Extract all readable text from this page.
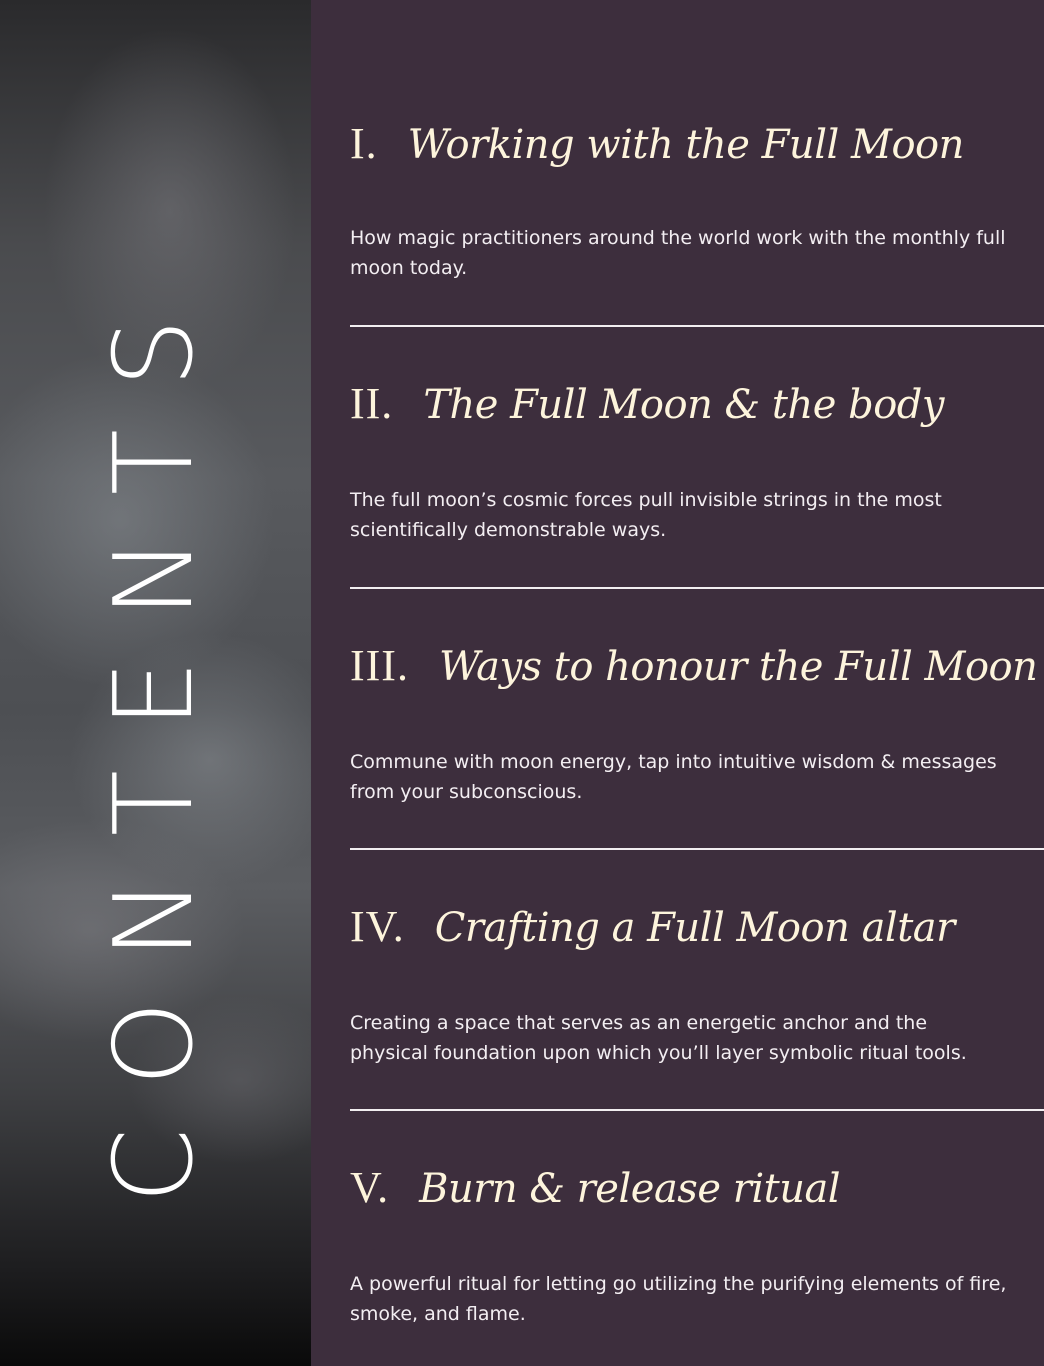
CONTENTS
I. Working with the Full Moon
How magic practitioners around the world work with the monthly full moon today.
II. The Full Moon & the body
The full moon’s cosmic forces pull invisible strings in the most scientifically demonstrable ways.
III. Ways to honour the Full Moon
Commune with moon energy, tap into intuitive wisdom & messages from your subconscious.
IV. Crafting a Full Moon altar
Creating a space that serves as an energetic anchor and the physical foundation upon which you’ll layer symbolic ritual tools.
V. Burn & release ritual
A powerful ritual for letting go utilizing the purifying elements of fire, smoke, and flame.
